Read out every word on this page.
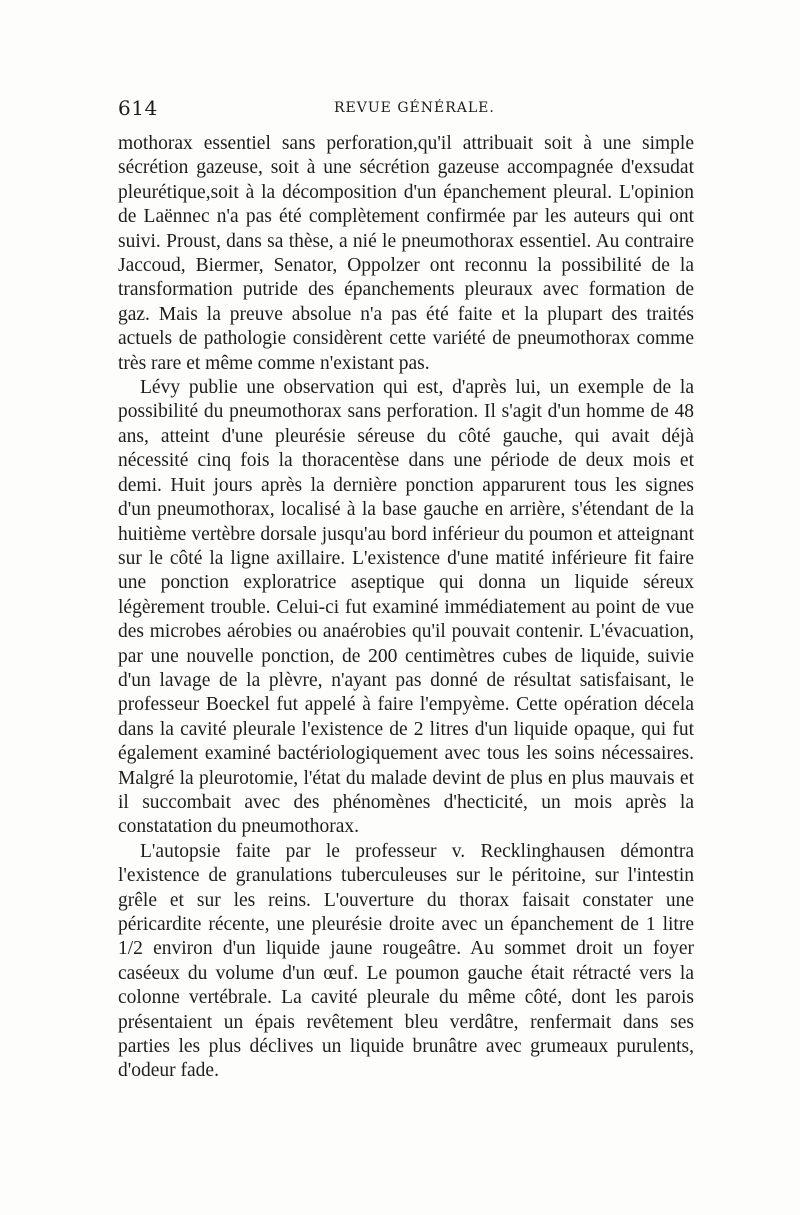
614	REVUE GÉNÉRALE.

mothorax essentiel sans perforation,qu'il attribuait soit à une simple sécrétion gazeuse, soit à une sécrétion gazeuse accompagnée d'exsudat pleurétique,soit à la décomposition d'un épanchement pleural. L'opinion de Laënnec n'a pas été complètement confirmée par les auteurs qui ont suivi. Proust, dans sa thèse, a nié le pneumothorax essentiel. Au contraire Jaccoud, Biermer, Senator, Oppolzer ont reconnu la possibilité de la transformation putride des épanchements pleuraux avec formation de gaz. Mais la preuve absolue n'a pas été faite et la plupart des traités actuels de pathologie considèrent cette variété de pneumothorax comme très rare et même comme n'existant pas.

Lévy publie une observation qui est, d'après lui, un exemple de la possibilité du pneumothorax sans perforation. Il s'agit d'un homme de 48 ans, atteint d'une pleurésie séreuse du côté gauche, qui avait déjà nécessité cinq fois la thoracentèse dans une période de deux mois et demi. Huit jours après la dernière ponction apparurent tous les signes d'un pneumothorax, localisé à la base gauche en arrière, s'étendant de la huitième vertèbre dorsale jusqu'au bord inférieur du poumon et atteignant sur le côté la ligne axillaire. L'existence d'une matité inférieure fit faire une ponction exploratrice aseptique qui donna un liquide séreux légèrement trouble. Celui-ci fut examiné immédiatement au point de vue des microbes aérobies ou anaérobies qu'il pouvait contenir. L'évacuation, par une nouvelle ponction, de 200 centimètres cubes de liquide, suivie d'un lavage de la plèvre, n'ayant pas donné de résultat satisfaisant, le professeur Boeckel fut appelé à faire l'empyème. Cette opération décela dans la cavité pleurale l'existence de 2 litres d'un liquide opaque, qui fut également examiné bactériologiquement avec tous les soins nécessaires. Malgré la pleurotomie, l'état du malade devint de plus en plus mauvais et il succombait avec des phénomènes d'hecticité, un mois après la constatation du pneumothorax.

L'autopsie faite par le professeur v. Recklinghausen démontra l'existence de granulations tuberculeuses sur le péritoine, sur l'intestin grêle et sur les reins. L'ouverture du thorax faisait constater une péricardite récente, une pleurésie droite avec un épanchement de 1 litre 1/2 environ d'un liquide jaune rougeâtre. Au sommet droit un foyer caséeux du volume d'un œuf. Le poumon gauche était rétracté vers la colonne vertébrale. La cavité pleurale du même côté, dont les parois présentaient un épais revêtement bleu verdâtre, renfermait dans ses parties les plus déclives un liquide brunâtre avec grumeaux purulents, d'odeur fade.
